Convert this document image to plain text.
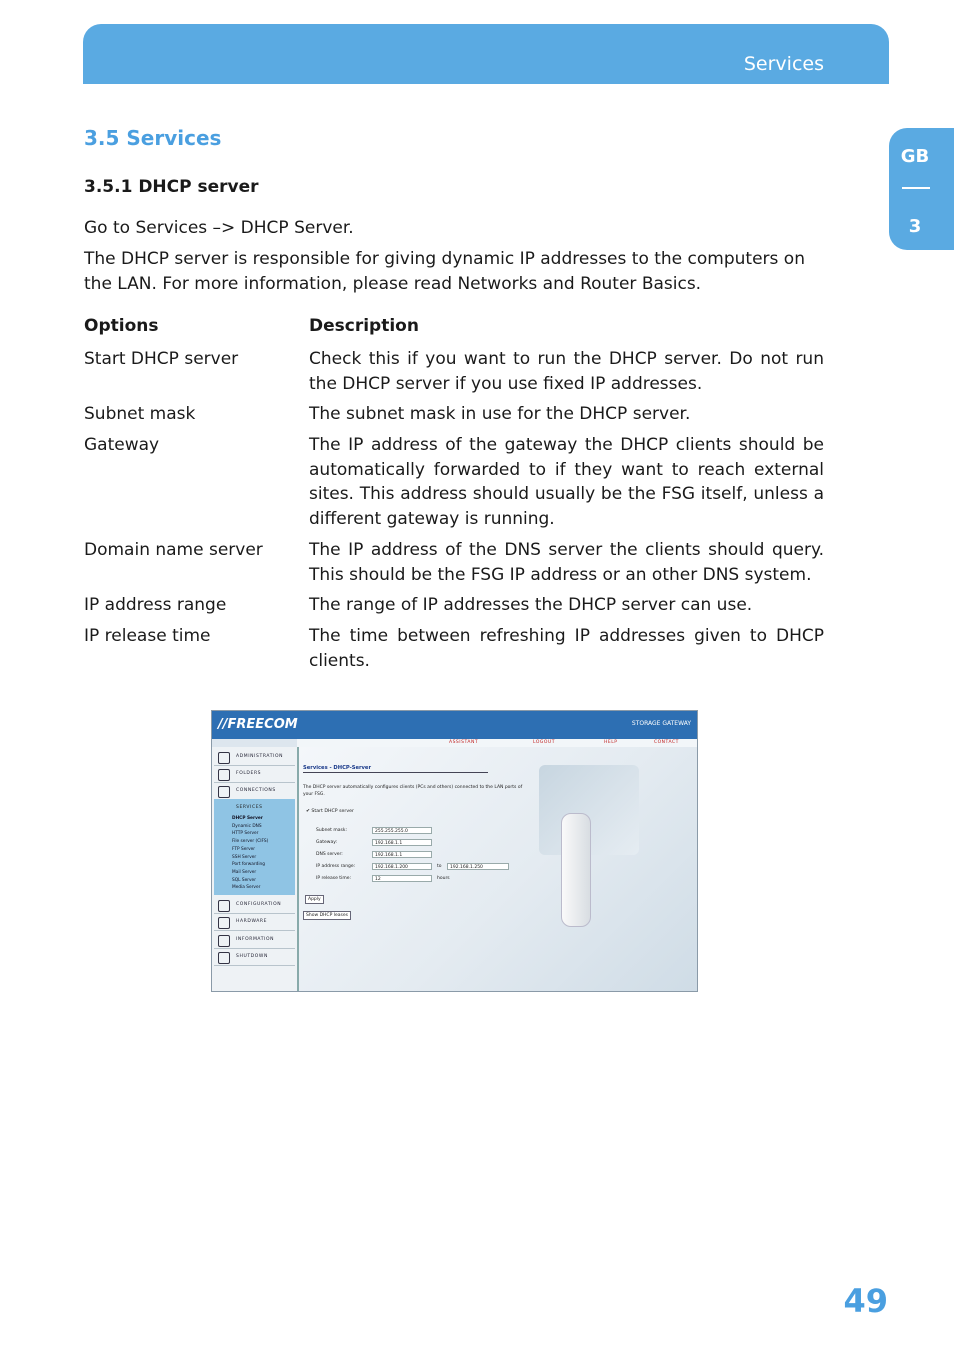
Services
GB
3
3.5 Services
3.5.1 DHCP server
Go to Services –> DHCP Server.
The DHCP server is responsible for giving dynamic IP addresses to the computers on the LAN. For more information, please read Networks and Router Basics.
Options	Description
Start DHCP server	Check this if you want to run the DHCP server. Do not run the DHCP server if you use fixed IP addresses.
Subnet mask	The subnet mask in use for the DHCP server.
Gateway	The IP address of the gateway the DHCP clients should be automatically forwarded to if they want to reach external sites. This address should usually be the FSG itself, unless a different gateway is running.
Domain name server	The IP address of the DNS server the clients should query. This should be the FSG IP address or an other DNS system.
IP address range	The range of IP addresses the DHCP server can use.
IP release time	The time between refreshing IP addresses given to DHCP clients.
//FREECOM	STORAGE GATEWAY
ASSISTANT	LOGOUT	HELP	CONTACT
ADMINISTRATION
FOLDERS
CONNECTIONS
SERVICES
DHCP Server
Dynamic DNS
HTTP Server
File server (CIFS)
FTP Server
SSH Server
Port forwarding
Mail Server
SQL Server
Media Server
CONFIGURATION
HARDWARE
INFORMATION
SHUTDOWN
Services - DHCP-Server
The DHCP server automatically configures clients (PCs and others) connected to the LAN ports of your FSG.
✔ Start DHCP server
Subnet mask:	255.255.255.0
Gateway:	192.168.1.1
DNS server:	192.168.1.1
IP address range:	192.168.1.200	to	192.168.1.250
IP release time:	12	hours
Apply
Show DHCP leases
49
